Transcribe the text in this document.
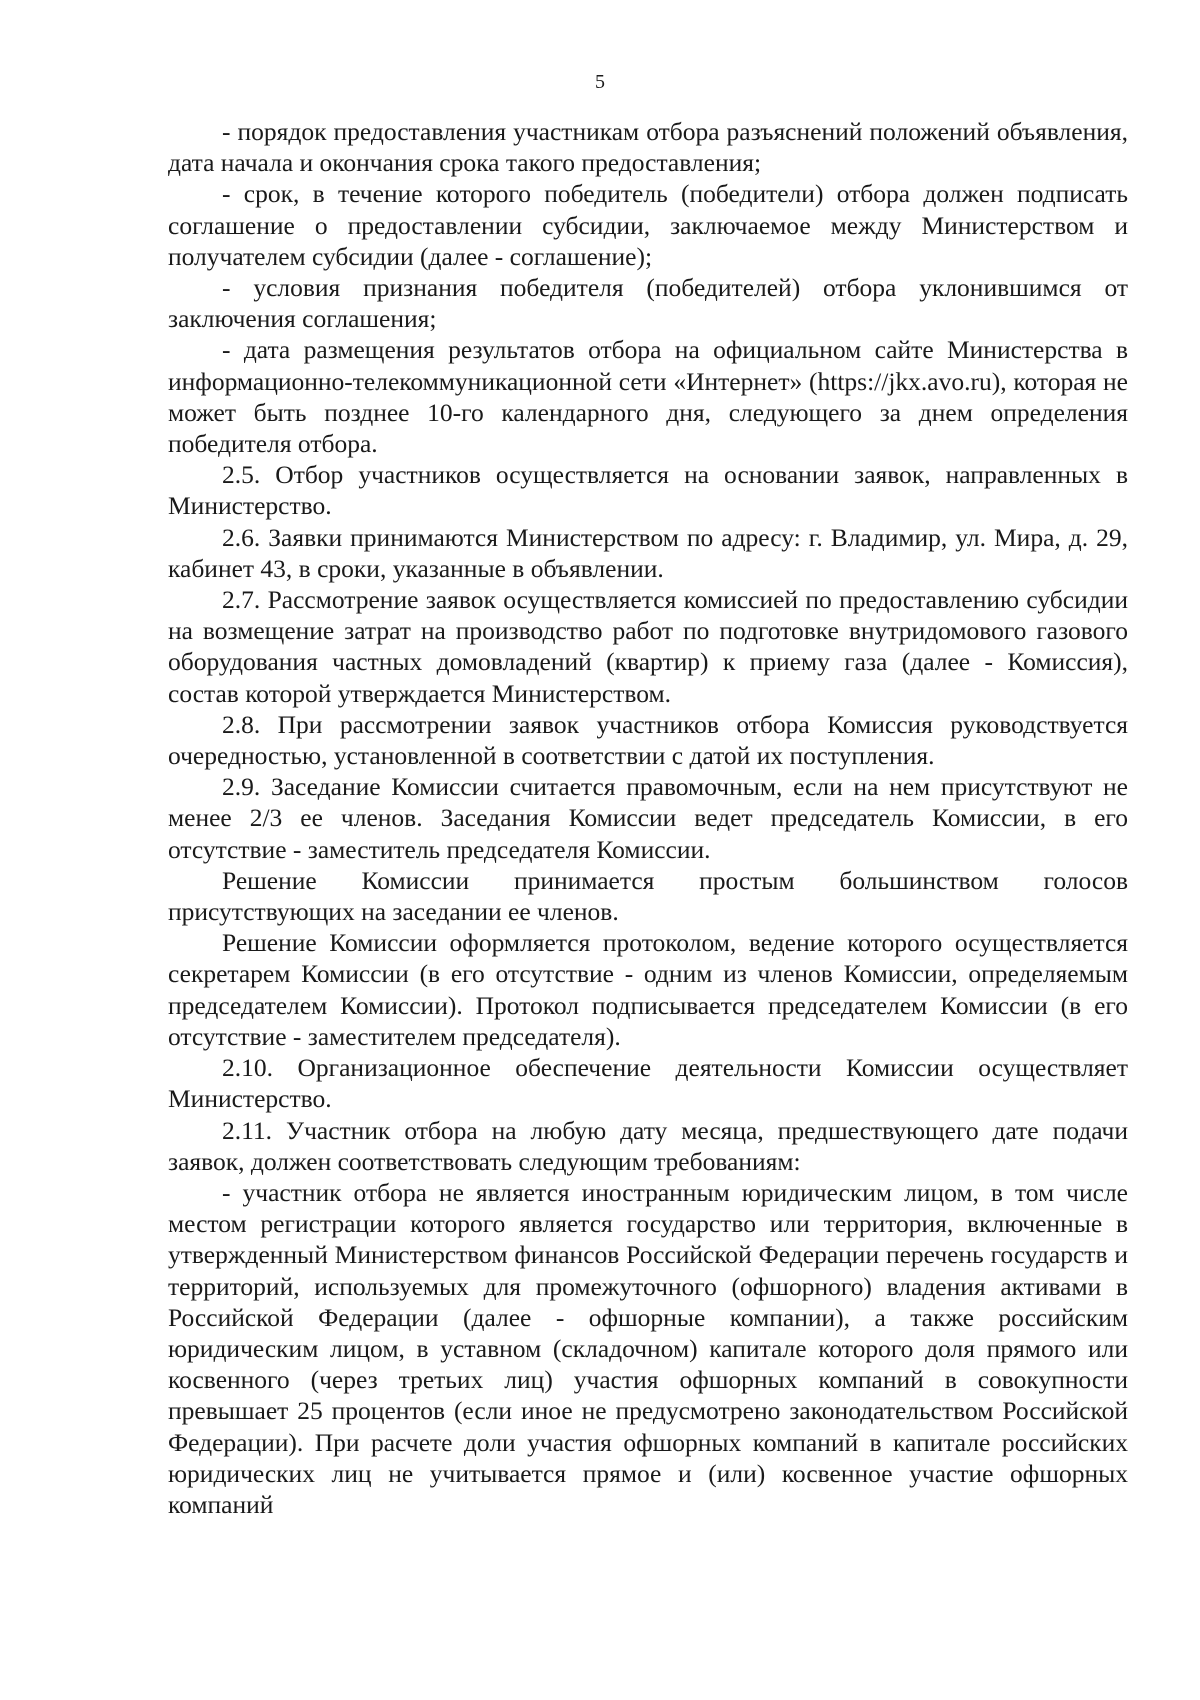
5

- порядок предоставления участникам отбора разъяснений положений объявления, дата начала и окончания срока такого предоставления;

- срок, в течение которого победитель (победители) отбора должен подписать соглашение о предоставлении субсидии, заключаемое между Министерством и получателем субсидии (далее - соглашение);

- условия признания победителя (победителей) отбора уклонившимся от заключения соглашения;

- дата размещения результатов отбора на официальном сайте Министерства в информационно-телекоммуникационной сети «Интернет» (https://jkx.avo.ru), которая не может быть позднее 10-го календарного дня, следующего за днем определения победителя отбора.

2.5. Отбор участников осуществляется на основании заявок, направленных в Министерство.

2.6. Заявки принимаются Министерством по адресу: г. Владимир, ул. Мира, д. 29, кабинет 43, в сроки, указанные в объявлении.

2.7. Рассмотрение заявок осуществляется комиссией по предоставлению субсидии на возмещение затрат на производство работ по подготовке внутридомового газового оборудования частных домовладений (квартир) к приему газа (далее - Комиссия), состав которой утверждается Министерством.

2.8. При рассмотрении заявок участников отбора Комиссия руководствуется очередностью, установленной в соответствии с датой их поступления.

2.9. Заседание Комиссии считается правомочным, если на нем присутствуют не менее 2/3 ее членов. Заседания Комиссии ведет председатель Комиссии, в его отсутствие - заместитель председателя Комиссии.

Решение Комиссии принимается простым большинством голосов присутствующих на заседании ее членов.

Решение Комиссии оформляется протоколом, ведение которого осуществляется секретарем Комиссии (в его отсутствие - одним из членов Комиссии, определяемым председателем Комиссии). Протокол подписывается председателем Комиссии (в его отсутствие - заместителем председателя).

2.10. Организационное обеспечение деятельности Комиссии осуществляет Министерство.

2.11. Участник отбора на любую дату месяца, предшествующего дате подачи заявок, должен соответствовать следующим требованиям:

- участник отбора не является иностранным юридическим лицом, в том числе местом регистрации которого является государство или территория, включенные в утвержденный Министерством финансов Российской Федерации перечень государств и территорий, используемых для промежуточного (офшорного) владения активами в Российской Федерации (далее - офшорные компании), а также российским юридическим лицом, в уставном (складочном) капитале которого доля прямого или косвенного (через третьих лиц) участия офшорных компаний в совокупности превышает 25 процентов (если иное не предусмотрено законодательством Российской Федерации). При расчете доли участия офшорных компаний в капитале российских юридических лиц не учитывается прямое и (или) косвенное участие офшорных компаний
